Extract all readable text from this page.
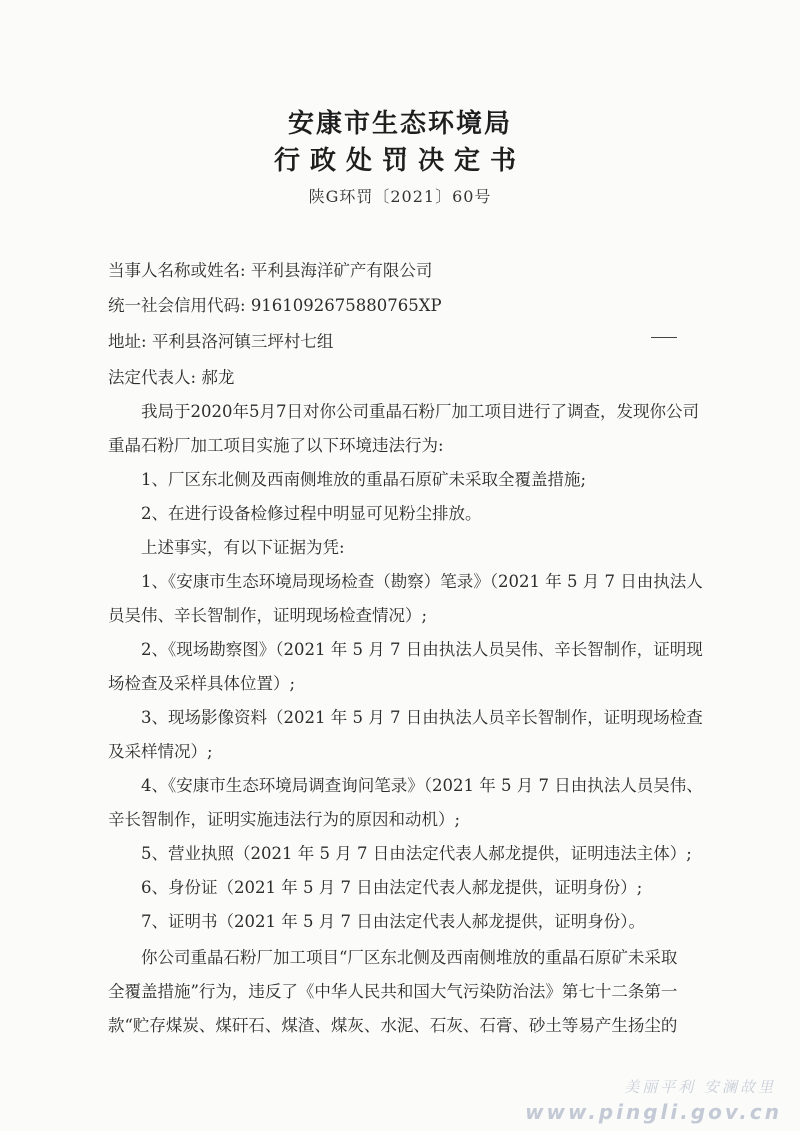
安康市生态环境局
行政处罚决定书
陕G环罚〔2021〕60号
当事人名称或姓名: 平利县海洋矿产有限公司
统一社会信用代码: 9161092675880765XP
地址: 平利县洛河镇三坪村七组
法定代表人: 郝龙
我局于2020年5月7日对你公司重晶石粉厂加工项目进行了调查，发现你公司
重晶石粉厂加工项目实施了以下环境违法行为:
1、厂区东北侧及西南侧堆放的重晶石原矿未采取全覆盖措施;
2、在进行设备检修过程中明显可见粉尘排放。
上述事实，有以下证据为凭:
1、《安康市生态环境局现场检查（勘察）笔录》（2021 年 5 月 7 日由执法人
员吴伟、辛长智制作，证明现场检查情况）;
2、《现场勘察图》（2021 年 5 月 7 日由执法人员吴伟、辛长智制作，证明现
场检查及采样具体位置）;
3、现场影像资料（2021 年 5 月 7 日由执法人员辛长智制作，证明现场检查
及采样情况）;
4、《安康市生态环境局调查询问笔录》（2021 年 5 月 7 日由执法人员吴伟、
辛长智制作，证明实施违法行为的原因和动机）;
5、营业执照（2021 年 5 月 7 日由法定代表人郝龙提供，证明违法主体）;
6、身份证（2021 年 5 月 7 日由法定代表人郝龙提供，证明身份）;
7、证明书（2021 年 5 月 7 日由法定代表人郝龙提供，证明身份）。
你公司重晶石粉厂加工项目“厂区东北侧及西南侧堆放的重晶石原矿未采取
全覆盖措施”行为，违反了《中华人民共和国大气污染防治法》第七十二条第一
款“贮存煤炭、煤矸石、煤渣、煤灰、水泥、石灰、石膏、砂土等易产生扬尘的
美丽平利 安澜故里
www.pingli.gov.cn
